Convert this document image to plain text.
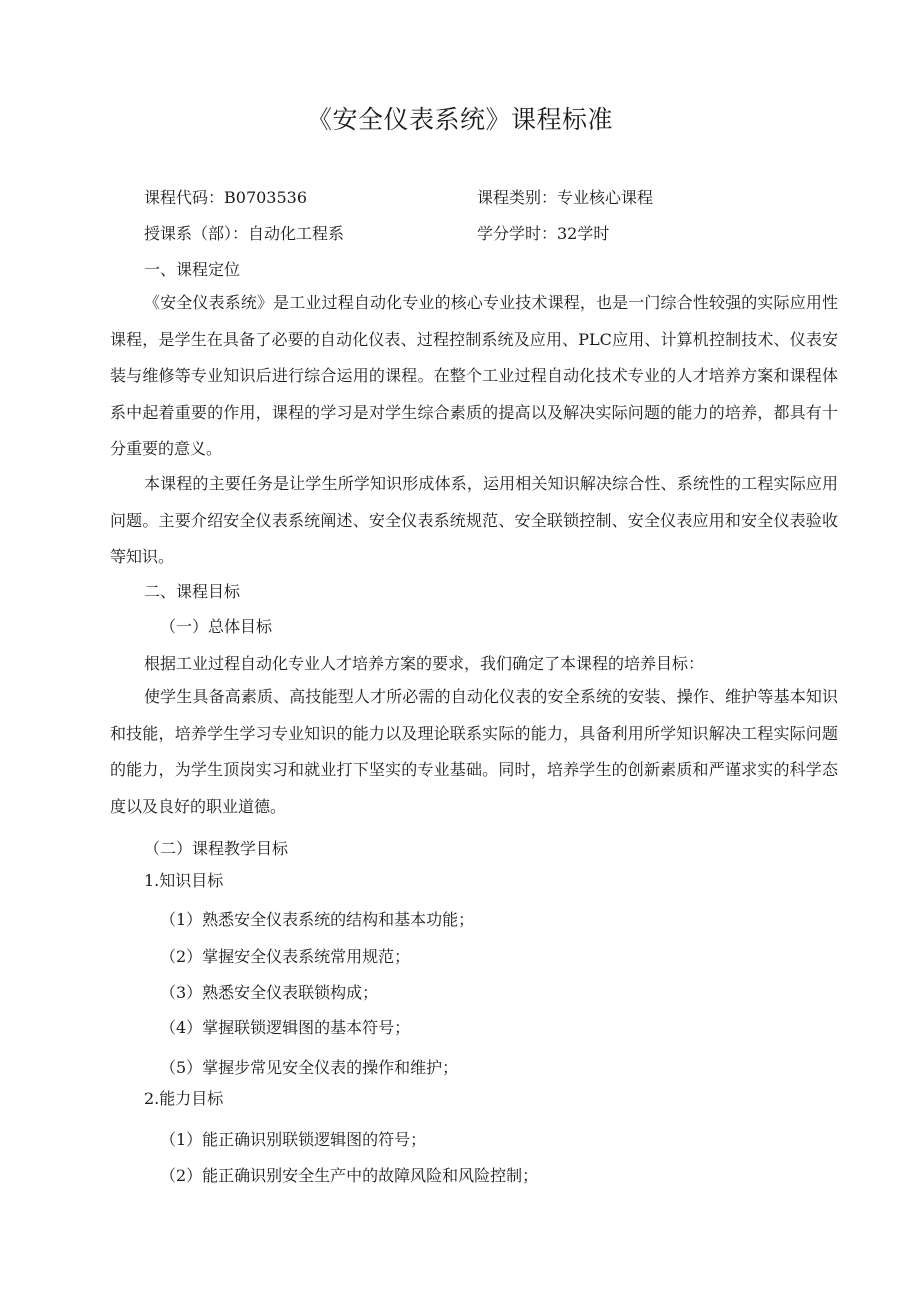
《安全仪表系统》课程标准
课程代码：B0703536	课程类别：专业核心课程
授课系（部）：自动化工程系	学分学时：32学时
一、课程定位
《安全仪表系统》是工业过程自动化专业的核心专业技术课程，也是一门综合性较强的实际应用性课程，是学生在具备了必要的自动化仪表、过程控制系统及应用、PLC应用、计算机控制技术、仪表安装与维修等专业知识后进行综合运用的课程。在整个工业过程自动化技术专业的人才培养方案和课程体系中起着重要的作用，课程的学习是对学生综合素质的提高以及解决实际问题的能力的培养，都具有十分重要的意义。
本课程的主要任务是让学生所学知识形成体系，运用相关知识解决综合性、系统性的工程实际应用问题。主要介绍安全仪表系统阐述、安全仪表系统规范、安全联锁控制、安全仪表应用和安全仪表验收等知识。
二、课程目标
（一）总体目标
根据工业过程自动化专业人才培养方案的要求，我们确定了本课程的培养目标：
使学生具备高素质、高技能型人才所必需的自动化仪表的安全系统的安装、操作、维护等基本知识和技能，培养学生学习专业知识的能力以及理论联系实际的能力，具备利用所学知识解决工程实际问题的能力，为学生顶岗实习和就业打下坚实的专业基础。同时，培养学生的创新素质和严谨求实的科学态度以及良好的职业道德。
（二）课程教学目标
1.知识目标
（1）熟悉安全仪表系统的结构和基本功能；
（2）掌握安全仪表系统常用规范；
（3）熟悉安全仪表联锁构成；
（4）掌握联锁逻辑图的基本符号；
（5）掌握步常见安全仪表的操作和维护；
2.能力目标
（1）能正确识别联锁逻辑图的符号；
（2）能正确识别安全生产中的故障风险和风险控制；
